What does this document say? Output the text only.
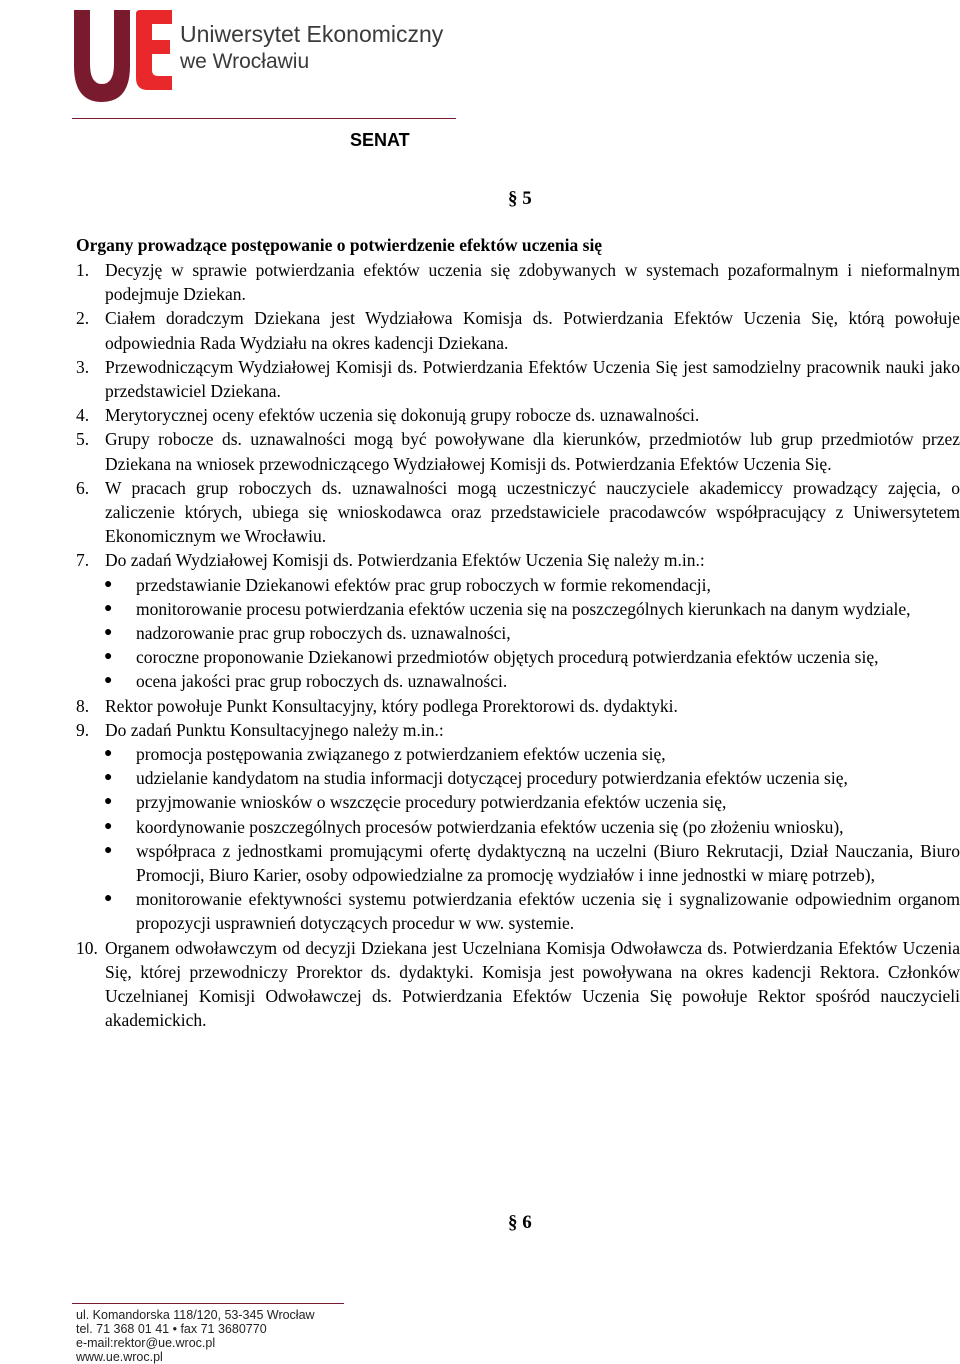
Uniwersytet Ekonomiczny
we Wrocławiu
SENAT
§ 5
Organy prowadzące postępowanie o potwierdzenie efektów uczenia się
1. Decyzję w sprawie potwierdzania efektów uczenia się zdobywanych w systemach pozaformalnym i nieformalnym podejmuje Dziekan.
2. Ciałem doradczym Dziekana jest Wydziałowa Komisja ds. Potwierdzania Efektów Uczenia Się, którą powołuje odpowiednia Rada Wydziału na okres kadencji Dziekana.
3. Przewodniczącym Wydziałowej Komisji ds. Potwierdzania Efektów Uczenia Się jest samodzielny pracownik nauki jako przedstawiciel Dziekana.
4. Merytorycznej oceny efektów uczenia się dokonują grupy robocze ds. uznawalności.
5. Grupy robocze ds. uznawalności mogą być powoływane dla kierunków, przedmiotów lub grup przedmiotów przez Dziekana na wniosek przewodniczącego Wydziałowej Komisji ds. Potwierdzania Efektów Uczenia Się.
6. W pracach grup roboczych ds. uznawalności mogą uczestniczyć nauczyciele akademiccy prowadzący zajęcia, o zaliczenie których, ubiega się wnioskodawca oraz przedstawiciele pracodawców współpracujący z Uniwersytetem Ekonomicznym we Wrocławiu.
7. Do zadań Wydziałowej Komisji ds. Potwierdzania Efektów Uczenia Się należy m.in.:
● przedstawianie Dziekanowi efektów prac grup roboczych w formie rekomendacji,
● monitorowanie procesu potwierdzania efektów uczenia się na poszczególnych kierunkach na danym wydziale,
● nadzorowanie prac grup roboczych ds. uznawalności,
● coroczne proponowanie Dziekanowi przedmiotów objętych procedurą potwierdzania efektów uczenia się,
● ocena jakości prac grup roboczych ds. uznawalności.
8. Rektor powołuje Punkt Konsultacyjny, który podlega Prorektorowi ds. dydaktyki.
9. Do zadań Punktu Konsultacyjnego należy m.in.:
● promocja postępowania związanego z potwierdzaniem efektów uczenia się,
● udzielanie kandydatom na studia informacji dotyczącej procedury potwierdzania efektów uczenia się,
● przyjmowanie wniosków o wszczęcie procedury potwierdzania efektów uczenia się,
● koordynowanie poszczególnych procesów potwierdzania efektów uczenia się (po złożeniu wniosku),
● współpraca z jednostkami promującymi ofertę dydaktyczną na uczelni (Biuro Rekrutacji, Dział Nauczania, Biuro Promocji, Biuro Karier, osoby odpowiedzialne za promocję wydziałów i inne jednostki w miarę potrzeb),
● monitorowanie efektywności systemu potwierdzania efektów uczenia się i sygnalizowanie odpowiednim organom propozycji usprawnień dotyczących procedur w ww. systemie.
10. Organem odwoławczym od decyzji Dziekana jest Uczelniana Komisja Odwoławcza ds. Potwierdzania Efektów Uczenia Się, której przewodniczy Prorektor ds. dydaktyki. Komisja jest powoływana na okres kadencji Rektora. Członków Uczelnianej Komisji Odwoławczej ds. Potwierdzania Efektów Uczenia Się powołuje Rektor spośród nauczycieli akademickich.
§ 6
ul. Komandorska 118/120, 53-345 Wrocław
tel. 71 368 01 41 • fax 71 3680770
e-mail:rektor@ue.wroc.pl
www.ue.wroc.pl
